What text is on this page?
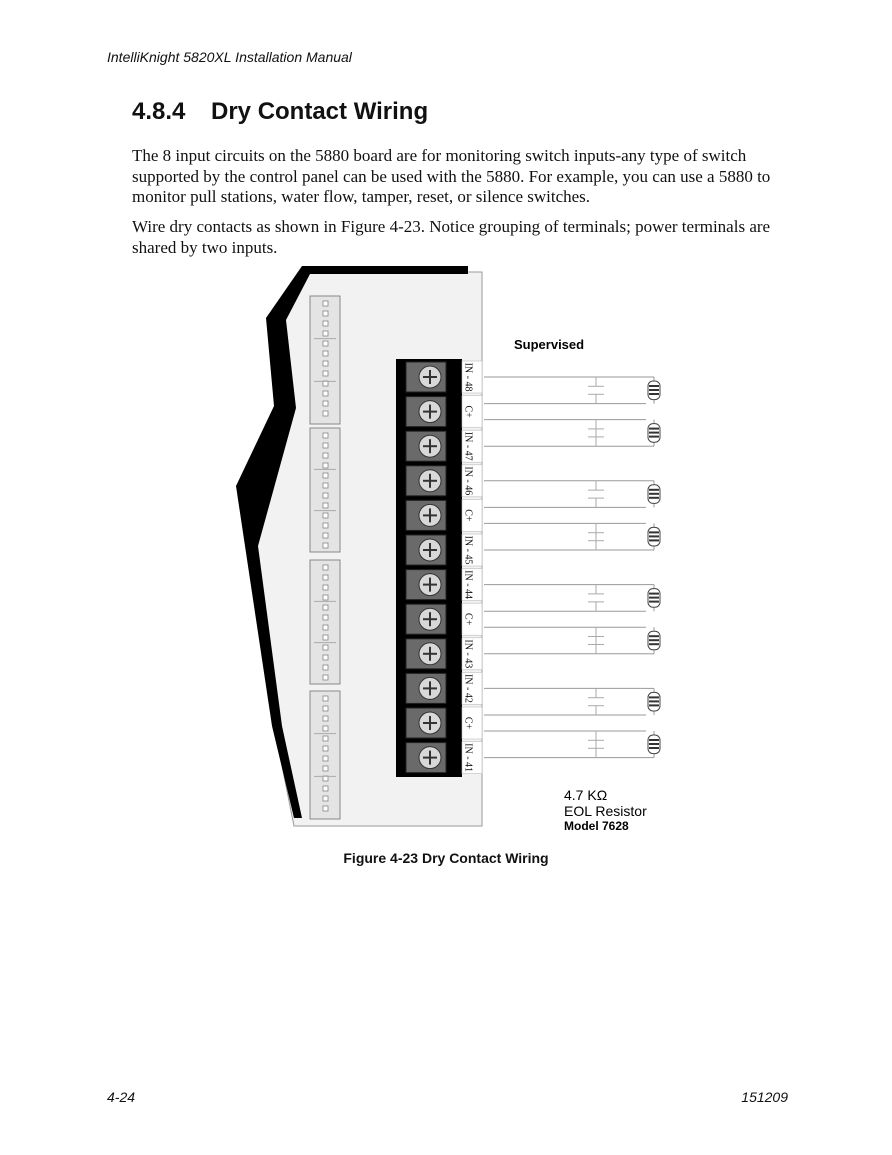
IntelliKnight 5820XL Installation Manual
4.8.4 Dry Contact Wiring
The 8 input circuits on the 5880 board are for monitoring switch inputs-any type of switch supported by the control panel can be used with the 5880. For example, you can use a 5880 to monitor pull stations, water flow, tamper, reset, or silence switches.
Wire dry contacts as shown in Figure 4-23. Notice grouping of terminals; power terminals are shared by two inputs.
IN - 48
C+
IN - 47
IN - 46
C+
IN - 45
IN - 44
C+
IN - 43
IN - 42
C+
IN - 41
Supervised
4.7 KΩ
EOL Resistor
Model 7628
Figure 4-23 Dry Contact Wiring
4-24	151209
